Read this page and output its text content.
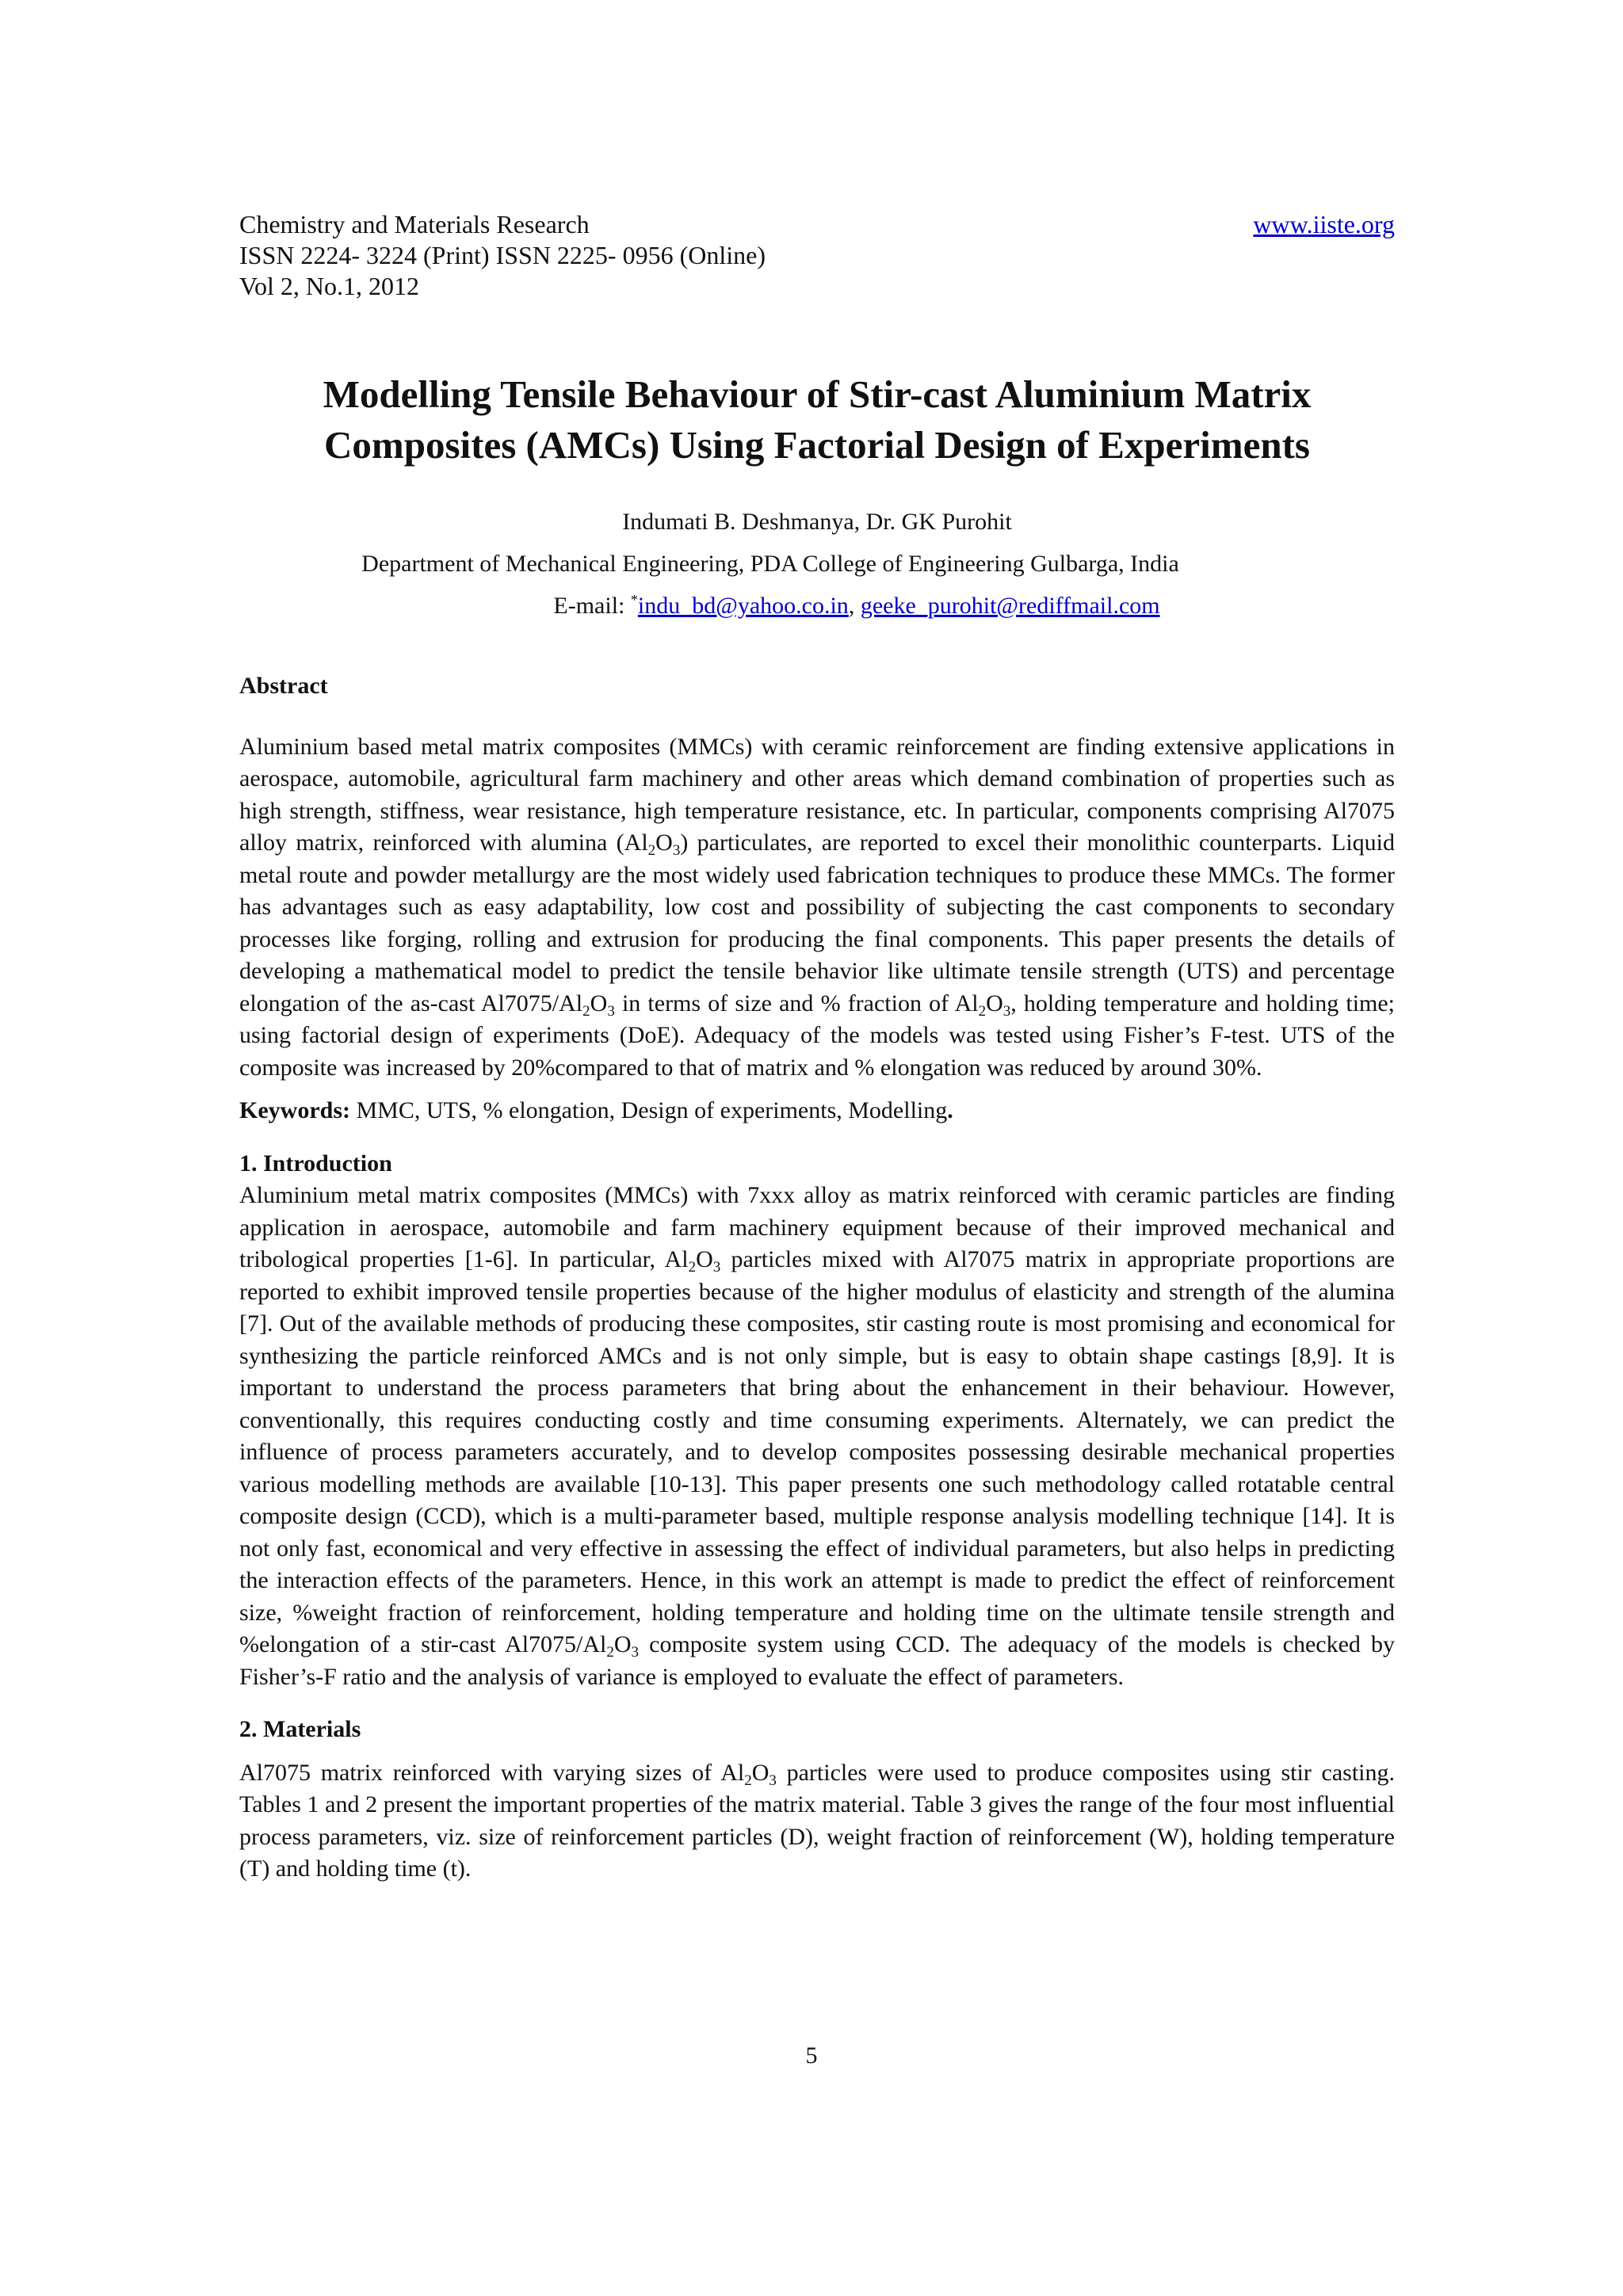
Chemistry and Materials Research	www.iiste.org
ISSN 2224- 3224 (Print) ISSN 2225- 0956 (Online)
Vol 2, No.1, 2012
Modelling Tensile Behaviour of Stir-cast Aluminium Matrix
Composites (AMCs) Using Factorial Design of Experiments

Indumati B. Deshmanya, Dr. GK Purohit

Department of Mechanical Engineering, PDA College of Engineering Gulbarga, India

E-mail: *indu_bd@yahoo.co.in, geeke_purohit@rediffmail.com

Abstract

Aluminium based metal matrix composites (MMCs) with ceramic reinforcement are finding extensive applications in aerospace, automobile, agricultural farm machinery and other areas which demand combination of properties such as high strength, stiffness, wear resistance, high temperature resistance, etc. In particular, components comprising Al7075 alloy matrix, reinforced with alumina $(Al_2O_3)$ particulates, are reported to excel their monolithic counterparts. Liquid metal route and powder metallurgy are the most widely used fabrication techniques to produce these MMCs. The former has advantages such as easy adaptability, low cost and possibility of subjecting the cast components to secondary processes like forging, rolling and extrusion for producing the final components. This paper presents the details of developing a mathematical model to predict the tensile behavior like ultimate tensile strength (UTS) and percentage elongation of the as-cast $Al7075/Al_2O_3$ in terms of size and % fraction of $Al_2O_3$, holding temperature and holding time; using factorial design of experiments (DoE). Adequacy of the models was tested using Fisher’s F-test. UTS of the composite was increased by 20%compared to that of matrix and % elongation was reduced by around 30%.

Keywords: MMC, UTS, % elongation, Design of experiments, Modelling.

1. Introduction

Aluminium metal matrix composites (MMCs) with 7xxx alloy as matrix reinforced with ceramic particles are finding application in aerospace, automobile and farm machinery equipment because of their improved mechanical and tribological properties [1-6]. In particular, $Al_2O_3$ particles mixed with Al7075 matrix in appropriate proportions are reported to exhibit improved tensile properties because of the higher modulus of elasticity and strength of the alumina [7]. Out of the available methods of producing these composites, stir casting route is most promising and economical for synthesizing the particle reinforced AMCs and is not only simple, but is easy to obtain shape castings [8,9]. It is important to understand the process parameters that bring about the enhancement in their behaviour. However, conventionally, this requires conducting costly and time consuming experiments. Alternately, we can predict the influence of process parameters accurately, and to develop composites possessing desirable mechanical properties various modelling methods are available [10-13]. This paper presents one such methodology called rotatable central composite design (CCD), which is a multi-parameter based, multiple response analysis modelling technique [14]. It is not only fast, economical and very effective in assessing the effect of individual parameters, but also helps in predicting the interaction effects of the parameters. Hence, in this work an attempt is made to predict the effect of reinforcement size, %weight fraction of reinforcement, holding temperature and holding time on the ultimate tensile strength and %elongation of a stir-cast $Al7075/Al_2O_3$ composite system using CCD. The adequacy of the models is checked by Fisher’s-F ratio and the analysis of variance is employed to evaluate the effect of parameters.

2. Materials

Al7075 matrix reinforced with varying sizes of $Al_2O_3$ particles were used to produce composites using stir casting. Tables 1 and 2 present the important properties of the matrix material. Table 3 gives the range of the four most influential process parameters, viz. size of reinforcement particles (D), weight fraction of reinforcement (W), holding temperature (T) and holding time (t).

5
